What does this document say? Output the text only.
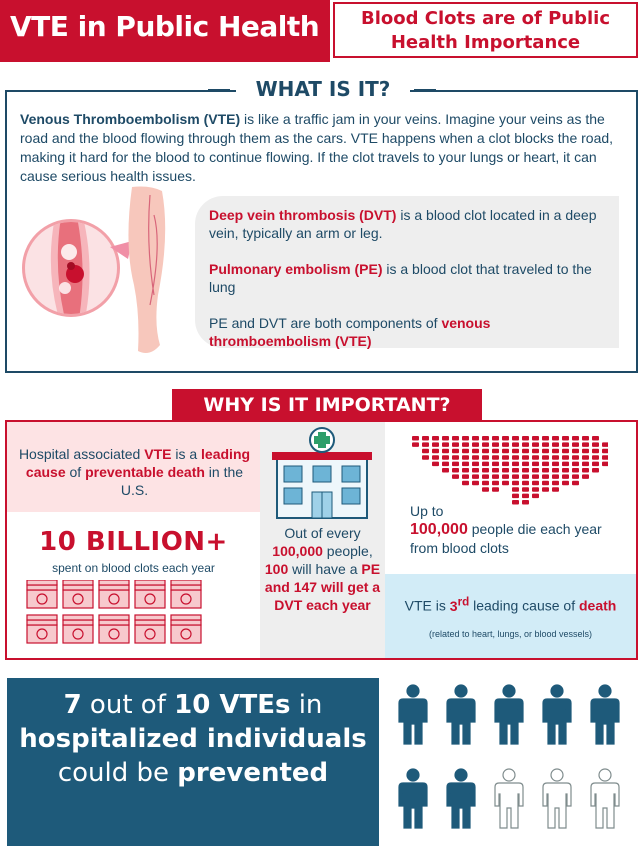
VTE in Public Health	Blood Clots are of Public
Health Importance
WHAT IS IT?
Venous Thromboembolism (VTE) is like a traffic jam in your veins. Imagine your veins as the road and the blood flowing through them as the cars. VTE happens when a clot blocks the road, making it hard for the blood to continue flowing. If the clot travels to your lungs or heart, it can cause serious health issues.
Deep vein thrombosis (DVT) is a blood clot located in a deep vein, typically an arm or leg.
Pulmonary embolism (PE) is a blood clot that traveled to the lung
PE and DVT are both components of venous thromboembolism (VTE)
WHY IS IT IMPORTANT?
Hospital associated VTE is a leading cause of preventable death in the U.S.
10 BILLION+
spent on blood clots each year
Out of every 100,000 people, 100 will have a PE and 147 will get a DVT each year
Up to
100,000 people die each year from blood clots
VTE is 3rd leading cause of death
(related to heart, lungs, or blood vessels)
7 out of 10 VTEs in hospitalized individuals could be prevented
